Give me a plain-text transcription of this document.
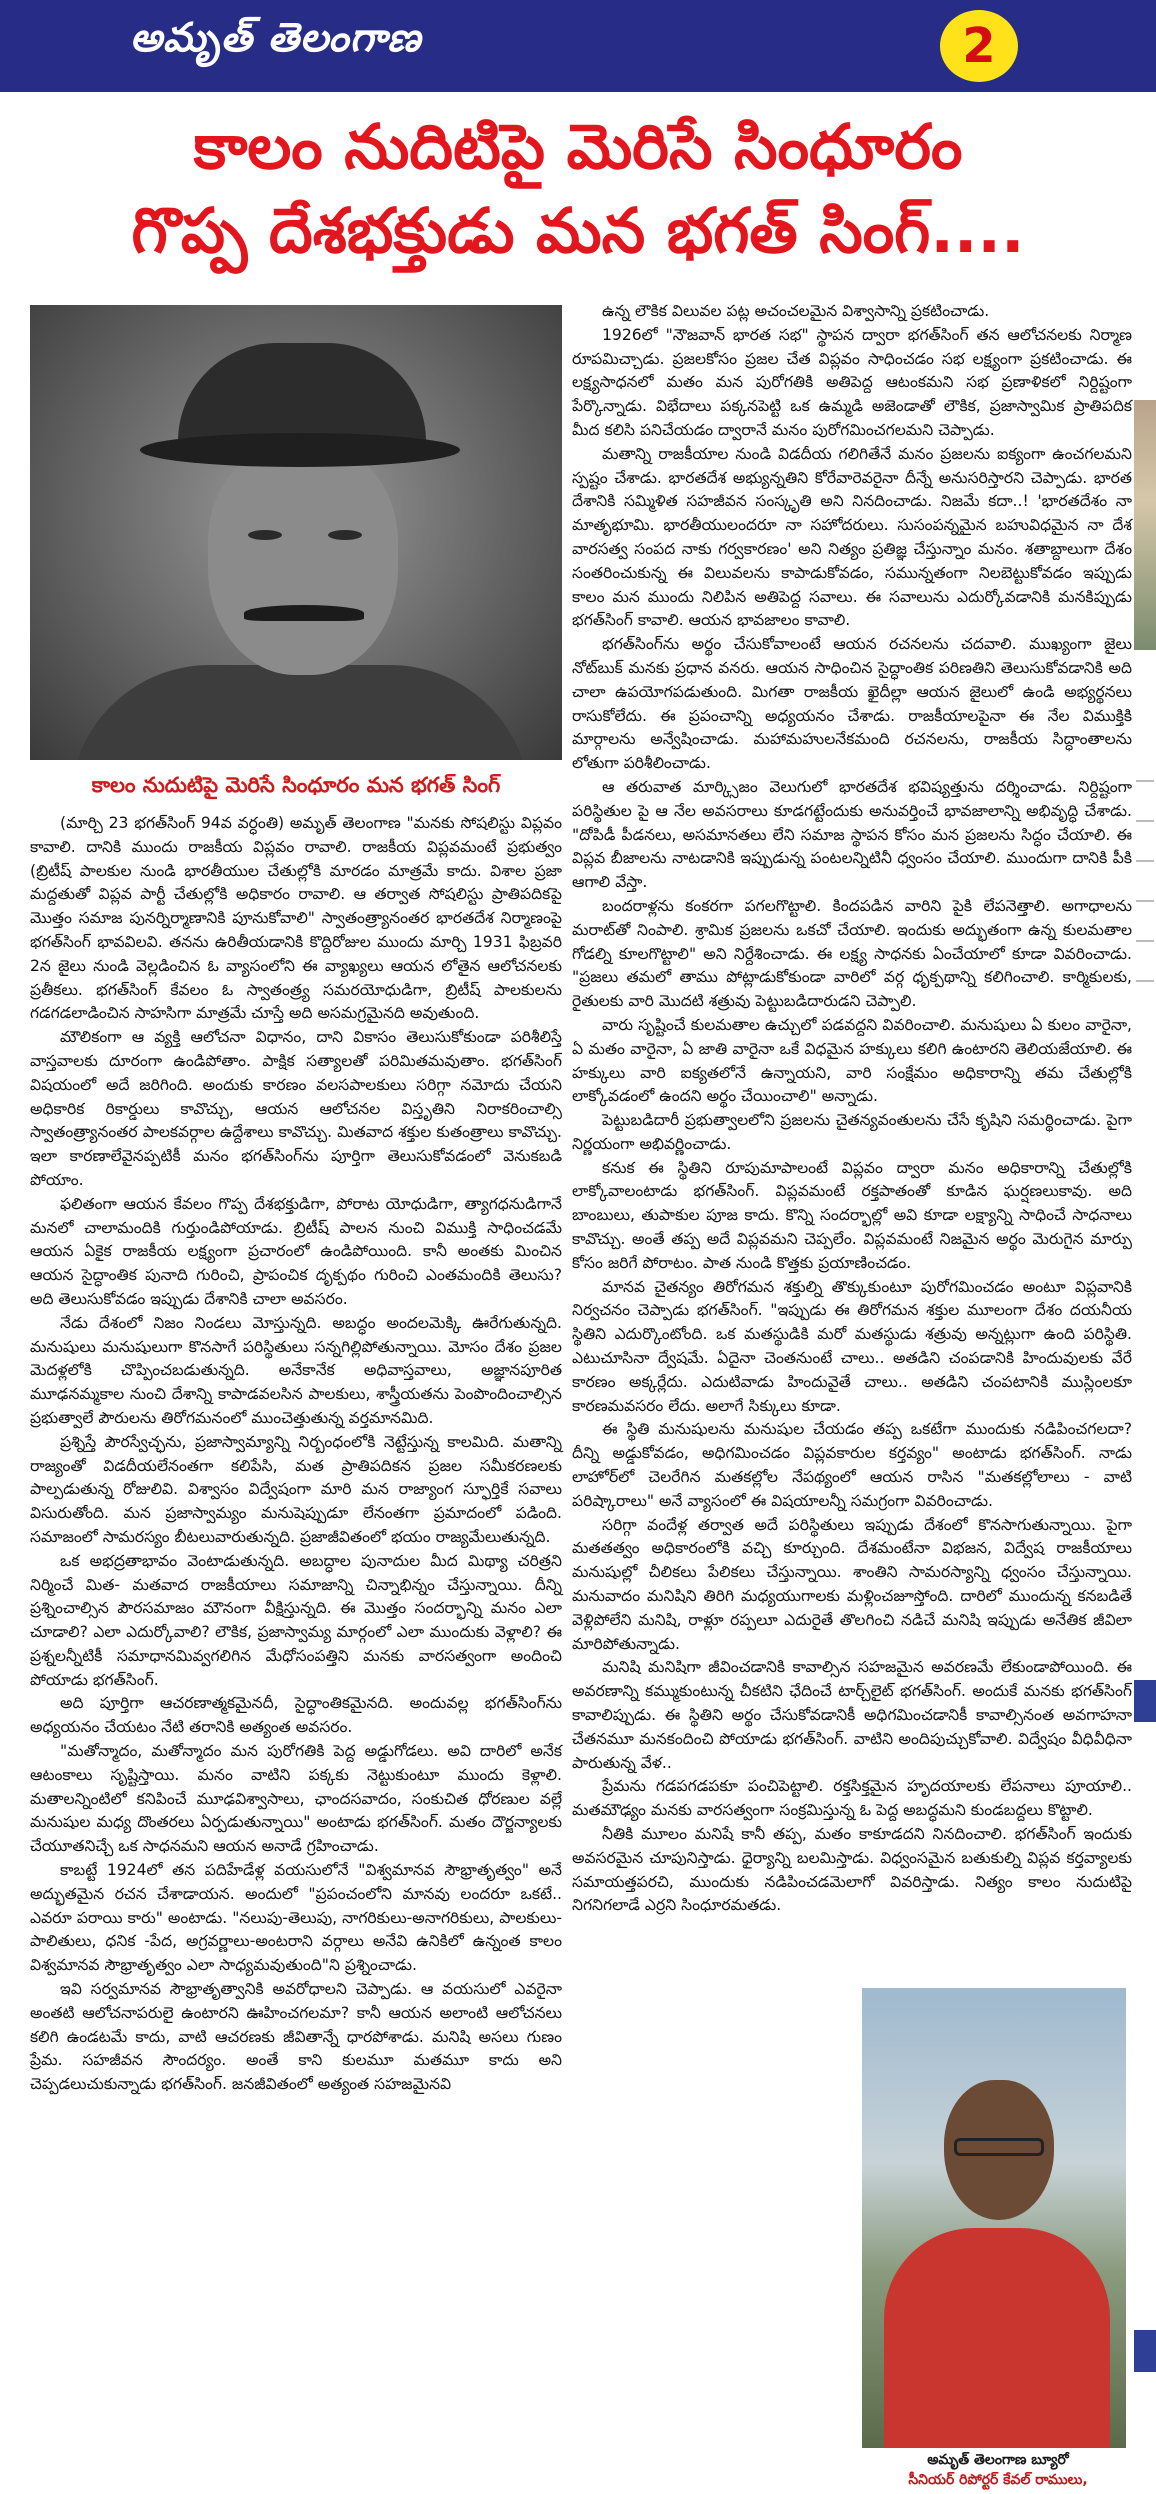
అమృత్ తెలంగాణ	2
కాలం నుదిటిపై మెరిసే సింధూరం
గొప్ప దేశభక్తుడు మన భగత్ సింగ్....
కాలం నుదుటిపై మెరిసే సింధూరం మన భగత్ సింగ్

(మార్చి 23 భగత్‌సింగ్ 94వ వర్ధంతి) అమృత్ తెలంగాణ "మనకు సోషలిస్టు విప్లవం కావాలి. దానికి ముందు రాజకీయ విప్లవం రావాలి. రాజకీయ విప్లవమంటే ప్రభుత్వం (బ్రిటీష్ పాలకుల నుండి భారతీయుల చేతుల్లోకి మారడం మాత్రమే కాదు. విశాల ప్రజా మద్దతుతో విప్లవ పార్టీ చేతుల్లోకి అధికారం రావాలి. ఆ తర్వాత సోషలిస్టు ప్రాతిపదికపై మొత్తం సమాజ పునర్నిర్మాణానికి పూనుకోవాలి" స్వాతంత్ర్యానంతర భారతదేశ నిర్మాణంపై భగత్‌సింగ్ భావవిలవి. తనను ఉరితీయడానికి కొద్దిరోజుల ముందు మార్చి 1931 ఫిబ్రవరి 2న జైలు నుండి వెల్లడించిన ఓ వ్యాసంలోని ఈ వ్యాఖ్యలు ఆయన లోతైన ఆలోచనలకు ప్రతీకలు. భగత్‌సింగ్ కేవలం ఓ స్వాతంత్ర్య సమరయోధుడిగా, బ్రిటీష్ పాలకులను గడగడలాడించిన సాహసిగా మాత్రమే చూస్తే అది అసమగ్రమైనది అవుతుంది.

మౌలికంగా ఆ వ్యక్తి ఆలోచనా విధానం, దాని వికాసం తెలుసుకోకుండా పరిశీలిస్తే వాస్తవాలకు దూరంగా ఉండిపోతాం. పాక్షిక సత్యాలతో పరిమితమవుతాం. భగత్‌సింగ్ విషయంలో అదే జరిగింది. అందుకు కారణం వలసపాలకులు సరిగ్గా నమోదు చేయని అధికారిక రికార్డులు కావొచ్చు, ఆయన ఆలోచనల విస్తృతిని నిరాకరించాల్సి స్వాతంత్ర్యానంతర పాలకవర్గాల ఉద్దేశాలు కావొచ్చు. మితవాద శక్తుల కుతంత్రాలు కావొచ్చు. ఇలా కారణాలేవైనప్పటికీ మనం భగత్‌సింగ్‌ను పూర్తిగా తెలుసుకోవడంలో వెనుకబడి పోయాం.

ఫలితంగా ఆయన కేవలం గొప్ప దేశభక్తుడిగా, పోరాట యోధుడిగా, త్యాగధనుడిగానే మనలో చాలామందికి గుర్తుండిపోయాడు. బ్రిటీష్ పాలన నుంచి విముక్తి సాధించడమే ఆయన ఏకైక రాజకీయ లక్ష్యంగా ప్రచారంలో ఉండిపోయింది. కానీ అంతకు మించిన ఆయన సైద్ధాంతిక పునాది గురించి, ప్రాపంచిక దృక్పథం గురించి ఎంతమందికి తెలుసు? అది తెలుసుకోవడం ఇప్పుడు దేశానికి చాలా అవసరం.

నేడు దేశంలో నిజం నిండలు మోస్తున్నది. అబద్ధం అందలమెక్కి ఊరేగుతున్నది. మనుషులు మనుషులుగా కొనసాగే పరిస్థితులు సన్నగిల్లిపోతున్నాయి. మోసం దేశం ప్రజల మెదళ్లలోకి చొప్పించబడుతున్నది. అనేకానేక అధివాస్తవాలు, అజ్ఞానపూరిత మూఢనమ్మకాల నుంచి దేశాన్ని కాపాడవలసిన పాలకులు, శాస్త్రీయతను పెంపొందించాల్సిన ప్రభుత్వాలే పౌరులను తిరోగమనంలో ముంచెత్తుతున్న వర్తమానమిది.

ప్రశ్నిస్తే పౌరస్వేచ్ఛను, ప్రజాస్వామ్యాన్ని నిర్బంధంలోకి నెట్టేస్తున్న కాలమిది. మతాన్ని రాజ్యంతో విడదీయలేనంతగా కలిపేసి, మత ప్రాతిపదికన ప్రజల సమీకరణలకు పాల్పడుతున్న రోజులివి. విశ్వాసం విద్వేషంగా మారి మన రాజ్యాంగ స్ఫూర్తికే సవాలు విసురుతోంది. మన ప్రజాస్వామ్యం మనుషెప్పుడూ లేనంతగా ప్రమాదంలో పడింది. సమాజంలో సామరస్యం బీటలువారుతున్నది. ప్రజాజీవితంలో భయం రాజ్యమేలుతున్నది.

ఒక అభద్రతాభావం వెంటాడుతున్నది. అబద్ధాల పునాదుల మీద మిథ్యా చరిత్రని నిర్మించే మిత- మతవాద రాజకీయాలు సమాజాన్ని చిన్నాభిన్నం చేస్తున్నాయి. దీన్ని ప్రశ్నించాల్సిన పౌరసమాజం మౌనంగా వీక్షిస్తున్నది. ఈ మొత్తం సందర్భాన్ని మనం ఎలా చూడాలి? ఎలా ఎదుర్కోవాలి? లౌకిక, ప్రజాస్వామ్య మార్గంలో ఎలా ముందుకు వెళ్లాలి? ఈ ప్రశ్నలన్నీటికీ సమాధానమివ్వగలిగిన మేధోసంపత్తిని మనకు వారసత్వంగా అందించి పోయాడు భగత్‌సింగ్.

అది పూర్తిగా ఆచరణాత్మకమైనదీ, సైద్ధాంతికమైనది. అందువల్ల భగత్‌సింగ్‌ను అధ్యయనం చేయటం నేటి తరానికి అత్యంత అవసరం.

"మతోన్మాదం, మతోన్మాదం మన పురోగతికి పెద్ద అడ్డుగోడలు. అవి దారిలో అనేక ఆటంకాలు సృష్టిస్తాయి. మనం వాటిని పక్కకు నెట్టుకుంటూ ముందు కెళ్లాలి. మతాలన్నింటిలో కనిపించే మూఢవిశ్వాసాలు, ఛాందసవాదం, సంకుచిత ధోరణుల వల్లే మనుషుల మధ్య దొంతరలు ఏర్పడుతున్నాయి" అంటాడు భగత్‌సింగ్. మతం దౌర్జన్యాలకు చేయూతనిచ్చే ఒక సాధనమని ఆయన అనాడే గ్రహించాడు.

కాబట్టే 1924లో తన పదిహేడేళ్ల వయసులోనే "విశ్వమానవ సౌభ్రాతృత్వం" అనే అద్భుతమైన రచన చేశాడాయన. అందులో "ప్రపంచంలోని మానవు లందరూ ఒకటే.. ఎవరూ పరాయి కారు" అంటాడు. "నలుపు-తెలుపు, నాగరికులు-అనాగరికులు, పాలకులు-పాలితులు, ధనిక -పేద, అగ్రవర్ణాలు-అంటరాని వర్గాలు అనేవి ఉనికిలో ఉన్నంత కాలం విశ్వమానవ సౌభ్రాతృత్వం ఎలా సాధ్యమవుతుంది"ని ప్రశ్నించాడు.

ఇవి సర్వమానవ సౌభ్రాతృత్వానికి అవరోధాలని చెప్పాడు. ఆ వయసులో ఎవరైనా అంతటి ఆలోచనాపరులై ఉంటారని ఊహించగలమా? కానీ ఆయన అలాంటి ఆలోచనలు కలిగి ఉండటమే కాదు, వాటి ఆచరణకు జీవితాన్నే ధారపోశాడు. మనిషి అసలు గుణం ప్రేమ. సహజీవన సౌందర్యం. అంతే కాని కులమూ మతమూ కాదు అని చెప్పడలుచుకున్నాడు భగత్‌సింగ్. జనజీవితంలో అత్యంత సహజమైనవి

ఉన్న లౌకిక విలువల పట్ల అచంచలమైన విశ్వాసాన్ని ప్రకటించాడు.

1926లో "నౌజవాన్ భారత సభ" స్థాపన ద్వారా భగత్‌సింగ్ తన ఆలోచనలకు నిర్మాణ రూపమిచ్చాడు. ప్రజలకోసం ప్రజల చేత విప్లవం సాధించడం సభ లక్ష్యంగా ప్రకటించాడు. ఈ లక్ష్యసాధనలో మతం మన పురోగతికి అతిపెద్ద ఆటంకమని సభ ప్రణాళికలో నిర్దిష్టంగా పేర్కొన్నాడు. విభేదాలు పక్కనపెట్టి ఒక ఉమ్మడి అజెండాతో లౌకిక, ప్రజాస్వామిక ప్రాతిపదిక మీద కలిసి పనిచేయడం ద్వారానే మనం పురోగమించగలమని చెప్పాడు.

మతాన్ని రాజకీయాల నుండి విడదీయ గలిగితేనే మనం ప్రజలను ఐక్యంగా ఉంచగలమని స్పష్టం చేశాడు. భారతదేశ అభ్యున్నతిని కోరేవారెవరైనా దీన్నే అనుసరిస్తారని చెప్పాడు. భారత దేశానికి సమ్మిళిత సహజీవన సంస్కృతి అని నినదించాడు. నిజమే కదా..! 'భారతదేశం నా మాతృభూమి. భారతీయులందరూ నా సహోదరులు. సుసంపన్నమైన బహువిధమైన నా దేశ వారసత్వ సంపద నాకు గర్వకారణం' అని నిత్యం ప్రతిజ్ఞ చేస్తున్నాం మనం. శతాబ్దాలుగా దేశం సంతరించుకున్న ఈ విలువలను కాపాడుకోవడం, సమున్నతంగా నిలబెట్టుకోవడం ఇప్పుడు కాలం మన ముందు నిలిపిన అతిపెద్ద సవాలు. ఈ సవాలును ఎదుర్కోవడానికి మనకిప్పుడు భగత్‌సింగ్ కావాలి. ఆయన భావజాలం కావాలి.

భగత్‌సింగ్‌ను అర్థం చేసుకోవాలంటే ఆయన రచనలను చదవాలి. ముఖ్యంగా జైలు నోట్‌బుక్ మనకు ప్రధాన వనరు. ఆయన సాధించిన సైద్ధాంతిక పరిణతిని తెలుసుకోవడానికి అది చాలా ఉపయోగపడుతుంది. మిగతా రాజకీయ ఖైదీల్లా ఆయన జైలులో ఉండి అభ్యర్థనలు రాసుకోలేదు. ఈ ప్రపంచాన్ని అధ్యయనం చేశాడు. రాజకీయాలపైనా ఈ నేల విముక్తికి మార్గాలను అన్వేషించాడు. మహామహులనేకమంది రచనలను, రాజకీయ సిద్ధాంతాలను లోతుగా పరిశీలించాడు.

ఆ తరువాత మార్క్సిజం వెలుగులో భారతదేశ భవిష్యత్తును దర్శించాడు. నిర్దిష్టంగా పరిస్థితుల పై ఆ నేల అవసరాలు కూడగట్టేందుకు అనువర్తించే భావజాలాన్ని అభివృద్ధి చేశాడు. "దోపిడీ పీడనలు, అసమానతలు లేని సమాజ స్థాపన కోసం మన ప్రజలను సిద్ధం చేయాలి. ఈ విప్లవ బీజాలను నాటడానికి ఇప్పుడున్న పంటలన్నిటినీ ధ్వంసం చేయాలి. ముందుగా దానికి పీకి ఆగాలి వేస్తా.

బందరాళ్లను కంకరగా పగలగొట్టాలి. కిందపడిన వారిని పైకి లేపనెత్తాలి. అగాధాలను మరాట్‌తో నింపాలి. శ్రామిక ప్రజలను ఒకచో చేయాలి. ఇందుకు అద్భుతంగా ఉన్న కులమతాల గోడల్ని కూలగొట్టాలి" అని నిర్దేశించాడు. ఈ లక్ష్య సాధనకు ఏంచేయాలో కూడా వివరించాడు. "ప్రజలు తమలో తాము పోట్లాడుకోకుండా వారిలో వర్గ ధృక్పథాన్ని కలిగించాలి. కార్మికులకు, రైతులకు వారి మొదటి శత్రువు పెట్టుబడిదారుడని చెప్పాలి.

వారు సృష్టించే కులమతాల ఉచ్చులో పడవద్దని వివరించాలి. మనుషులు ఏ కులం వారైనా, ఏ మతం వారైనా, ఏ జాతి వారైనా ఒకే విధమైన హక్కులు కలిగి ఉంటారని తెలియజేయాలి. ఈ హక్కులు వారి ఐక్యతలోనే ఉన్నాయని, వారి సంక్షేమం అధికారాన్ని తమ చేతుల్లోకి లాక్కోవడంలో ఉందని అర్థం చేయించాలి" అన్నాడు.

పెట్టుబడిదారీ ప్రభుత్వాలలోని ప్రజలను చైతన్యవంతులను చేసే కృషిని సమర్థించాడు. పైగా నిర్ణయంగా అభివర్ణించాడు.

కనుక ఈ స్థితిని రూపుమాపాలంటే విప్లవం ద్వారా మనం అధికారాన్ని చేతుల్లోకి లాక్కోవాలంటాడు భగత్‌సింగ్. విప్లవమంటే రక్తపాతంతో కూడిన ఘర్షణలుకావు. అది బాంబులు, తుపాకుల పూజ కాదు. కొన్ని సందర్భాల్లో అవి కూడా లక్ష్యాన్ని సాధించే సాధనాలు కావొచ్చు. అంతే తప్ప అదే విప్లవమని చెప్పలేం. విప్లవమంటే నిజమైన అర్థం మెరుగైన మార్పు కోసం జరిగే పోరాటం. పాత నుండి కొత్తకు ప్రయాణించడం.

మానవ చైతన్యం తిరోగమన శక్తుల్ని తొక్కుకుంటూ పురోగమించడం అంటూ విప్లవానికి నిర్వచనం చెప్పాడు భగత్‌సింగ్. "ఇప్పుడు ఈ తిరోగమన శక్తుల మూలంగా దేశం దయనీయ స్థితిని ఎదుర్కొంటోంది. ఒక మతస్థుడికి మరో మతస్థుడు శత్రువు అన్నట్లుగా ఉంది పరిస్థితి. ఎటుచూసినా ద్వేషమే. ఏదైనా చెంతనుంటే చాలు.. అతడిని చంపడానికి హిందువులకు వేరే కారణం అక్కర్లేదు. ఎదుటివాడు హిందువైతే చాలు.. అతడిని చంపటానికి ముస్లింలకూ కారణమవసరం లేదు. అలాగే సిక్కులు కూడా.

ఈ స్థితి మనుషులను మనుషుల చేయడం తప్ప ఒకటేగా ముందుకు నడిపించగలదా? దీన్ని అడ్డుకోవడం, అధిగమించడం విప్లవకారుల కర్తవ్యం" అంటాడు భగత్‌సింగ్. నాడు లాహోర్‌లో చెలరేగిన మతకల్లోల నేపథ్యంలో ఆయన రాసిన "మతకల్లోలాలు - వాటి పరిష్కారాలు" అనే వ్యాసంలో ఈ విషయాలన్నీ సమగ్రంగా వివరించాడు.

సరిగ్గా వందేళ్ల తర్వాత అదే పరిస్థితులు ఇప్పుడు దేశంలో కొనసాగుతున్నాయి. పైగా మతతత్వం అధికారంలోకి వచ్చి కూర్చుంది. దేశమంటేనా విభజన, విద్వేష రాజకీయాలు మనుషుల్లో చీలికలు పేలికలు చేస్తున్నాయి. శాంతిని సామరస్యాన్ని ధ్వంసం చేస్తున్నాయి. మనువాదం మనిషిని తిరిగి మధ్యయుగాలకు మళ్లించజూస్తోంది. దారిలో ముందున్న కనబడితే వెళ్లిపోలేని మనిషి, రాళ్లూ రప్పలూ ఎదురైతే తొలగించి నడిచే మనిషి ఇప్పుడు అనేతిక జీవిలా మారిపోతున్నాడు.

మనిషి మనిషిగా జీవించడానికి కావాల్సిన సహజమైన అవరణమే లేకుండాపోయింది. ఈ అవరణాన్ని కమ్ముకుంటున్న చీకటిని ఛేదించే టార్చ్‌లైట్ భగత్‌సింగ్. అందుకే మనకు భగత్‌సింగ్ కావాలిప్పుడు. ఈ స్థితిని అర్థం చేసుకోవడానికీ అధిగమించడానికీ కావాల్సినంత అవగాహనా చేతనమూ మనకందించి పోయాడు భగత్‌సింగ్. వాటిని అందిపుచ్చుకోవాలి. విద్వేషం వీధివీధినా పారుతున్న వేళ..

ప్రేమను గడపగడపకూ పంచిపెట్టాలి. రక్తసిక్తమైన హృదయాలకు లేపనాలు పూయాలి.. మతమౌఢ్యం మనకు వారసత్వంగా సంక్రమిస్తున్న ఓ పెద్ద అబద్ధమని కుండబద్దలు కొట్టాలి.

నీతికి మూలం మనిషే కానీ తప్ప, మతం కాకూడదని నినదించాలి. భగత్‌సింగ్ ఇందుకు అవసరమైన చూపునిస్తాడు. ధైర్యాన్ని బలమిస్తాడు. విధ్వంసమైన బతుకుల్ని విప్లవ కర్తవ్యాలకు సమాయత్తపరచి, ముందుకు నడిపించడమెలాగో వివరిస్తాడు. నిత్యం కాలం నుదుటిపై నిగనిగలాడే ఎర్రని సింధూరమతడు.

అమృత్ తెలంగాణ బ్యూరో
సీనియర్ రిపోర్టర్ కేవల్ రాములు,
